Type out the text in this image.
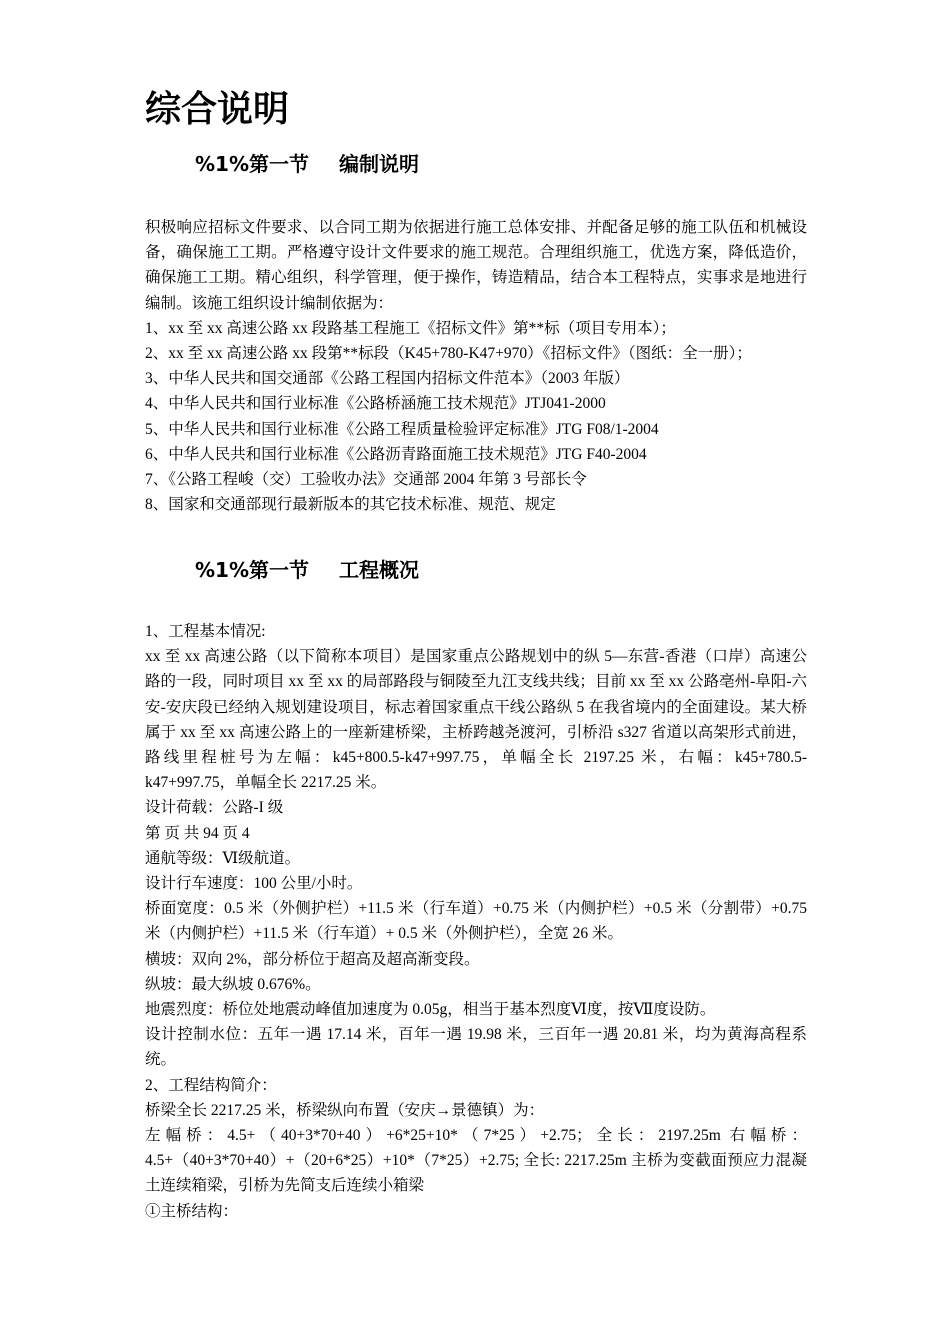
综合说明
%1%第一节 编制说明

积极响应招标文件要求、以合同工期为依据进行施工总体安排、并配备足够的施工队伍和机械设备，确保施工工期。严格遵守设计文件要求的施工规范。合理组织施工，优选方案，降低造价，确保施工工期。精心组织，科学管理，便于操作，铸造精品，结合本工程特点，实事求是地进行编制。该施工组织设计编制依据为：

1、xx 至 xx 高速公路 xx 段路基工程施工《招标文件》第**标（项目专用本）；

2、xx 至 xx 高速公路 xx 段第**标段（K45+780-K47+970）《招标文件》（图纸：全一册）；

3、中华人民共和国交通部《公路工程国内招标文件范本》（2003 年版）

4、中华人民共和国行业标准《公路桥涵施工技术规范》JTJ041-2000

5、中华人民共和国行业标准《公路工程质量检验评定标准》JTG F08/1-2004

6、中华人民共和国行业标准《公路沥青路面施工技术规范》JTG F40-2004

7、《公路工程峻（交）工验收办法》交通部 2004 年第 3 号部长令

8、国家和交通部现行最新版本的其它技术标准、规范、规定

%1%第一节 工程概况

1、工程基本情况:

xx 至 xx 高速公路（以下简称本项目）是国家重点公路规划中的纵 5—东营-香港（口岸）高速公路的一段，同时项目 xx 至 xx 的局部路段与铜陵至九江支线共线；目前 xx 至 xx 公路亳州-阜阳-六安-安庆段已经纳入规划建设项目，标志着国家重点干线公路纵 5 在我省境内的全面建设。某大桥属于 xx 至 xx 高速公路上的一座新建桥梁，主桥跨越尧渡河，引桥沿 s327 省道以高架形式前进，路线里程桩号为左幅：k45+800.5-k47+997.75，单幅全长 2197.25 米，右幅：k45+780.5-k47+997.75，单幅全长 2217.25 米。

设计荷载：公路-I 级

第 页 共 94 页 4

通航等级：Ⅵ级航道。

设计行车速度：100 公里/小时。

桥面宽度：0.5 米（外侧护栏）+11.5 米（行车道）+0.75 米（内侧护栏）+0.5 米（分割带）+0.75 米（内侧护栏）+11.5 米（行车道）+ 0.5 米（外侧护栏），全宽 26 米。

横坡：双向 2%，部分桥位于超高及超高渐变段。

纵坡：最大纵坡 0.676%。

地震烈度：桥位处地震动峰值加速度为 0.05g，相当于基本烈度Ⅵ度，按Ⅶ度设防。

设计控制水位：五年一遇 17.14 米，百年一遇 19.98 米，三百年一遇 20.81 米，均为黄海高程系统。

2、工程结构简介：

桥梁全长 2217.25 米，桥梁纵向布置（安庆→景德镇）为：

左幅桥：4.5+（40+3*70+40）+6*25+10*（7*25）+2.75；全长：2197.25m 右幅桥：4.5+（40+3*70+40）+（20+6*25）+10*（7*25）+2.75; 全长: 2217.25m 主桥为变截面预应力混凝土连续箱梁，引桥为先简支后连续小箱梁

①主桥结构：
